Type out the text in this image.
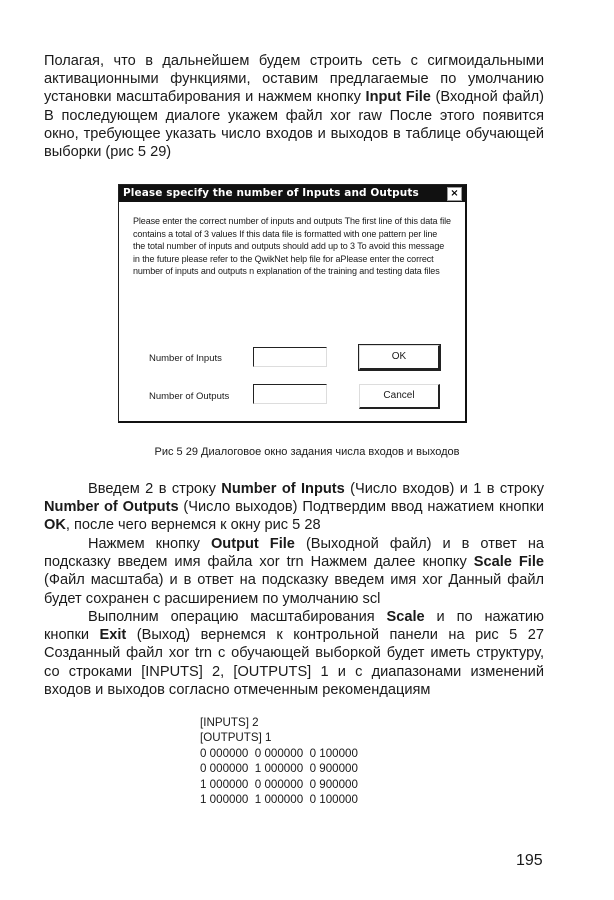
Полагая, что в дальнейшем будем строить сеть с сигмоидальными активационными функциями, оставим предлагаемые по умолчанию установки масштабирования и нажмем кнопку Input File (Входной файл) В последующем диалоге укажем файл xor raw После этого появится окно, требующее указать число входов и выходов в таблице обучающей выборки (рис 5 29)

Please specify the number of Inputs and Outputs	×

Please enter the correct number of inputs and outputs The first line of this data file contains a total of 3 values If this data file is formatted with one pattern per line the total number of inputs and outputs should add up to 3 To avoid this message in the future please refer to the QwikNet help file for aPlease enter the correct number of inputs and outputs n explanation of the training and testing data files

Number of Inputs	OK
Number of Outputs	Cancel

Рис 5 29 Диалоговое окно задания числа входов и выходов

Введем 2 в строку Number of Inputs (Число входов) и 1 в строку Number of Outputs (Число выходов) Подтвердим ввод нажатием кнопки OK, после чего вернемся к окну рис 5 28

Нажмем кнопку Output File (Выходной файл) и в ответ на подсказку введем имя файла xor trn Нажмем далее кнопку Scale File (Файл масштаба) и в ответ на подсказку введем имя xor Данный файл будет сохранен с расширением по умолчанию scl

Выполним операцию масштабирования Scale и по нажатию кнопки Exit (Выход) вернемся к контрольной панели на рис 5 27 Созданный файл xor trn с обучающей выборкой будет иметь структуру, со строками [INPUTS] 2, [OUTPUTS] 1 и с диапазонами изменений входов и выходов согласно отмеченным рекомендациям

[INPUTS] 2
[OUTPUTS] 1
0 000000  0 000000  0 100000
0 000000  1 000000  0 900000
1 000000  0 000000  0 900000
1 000000  1 000000  0 100000
195
